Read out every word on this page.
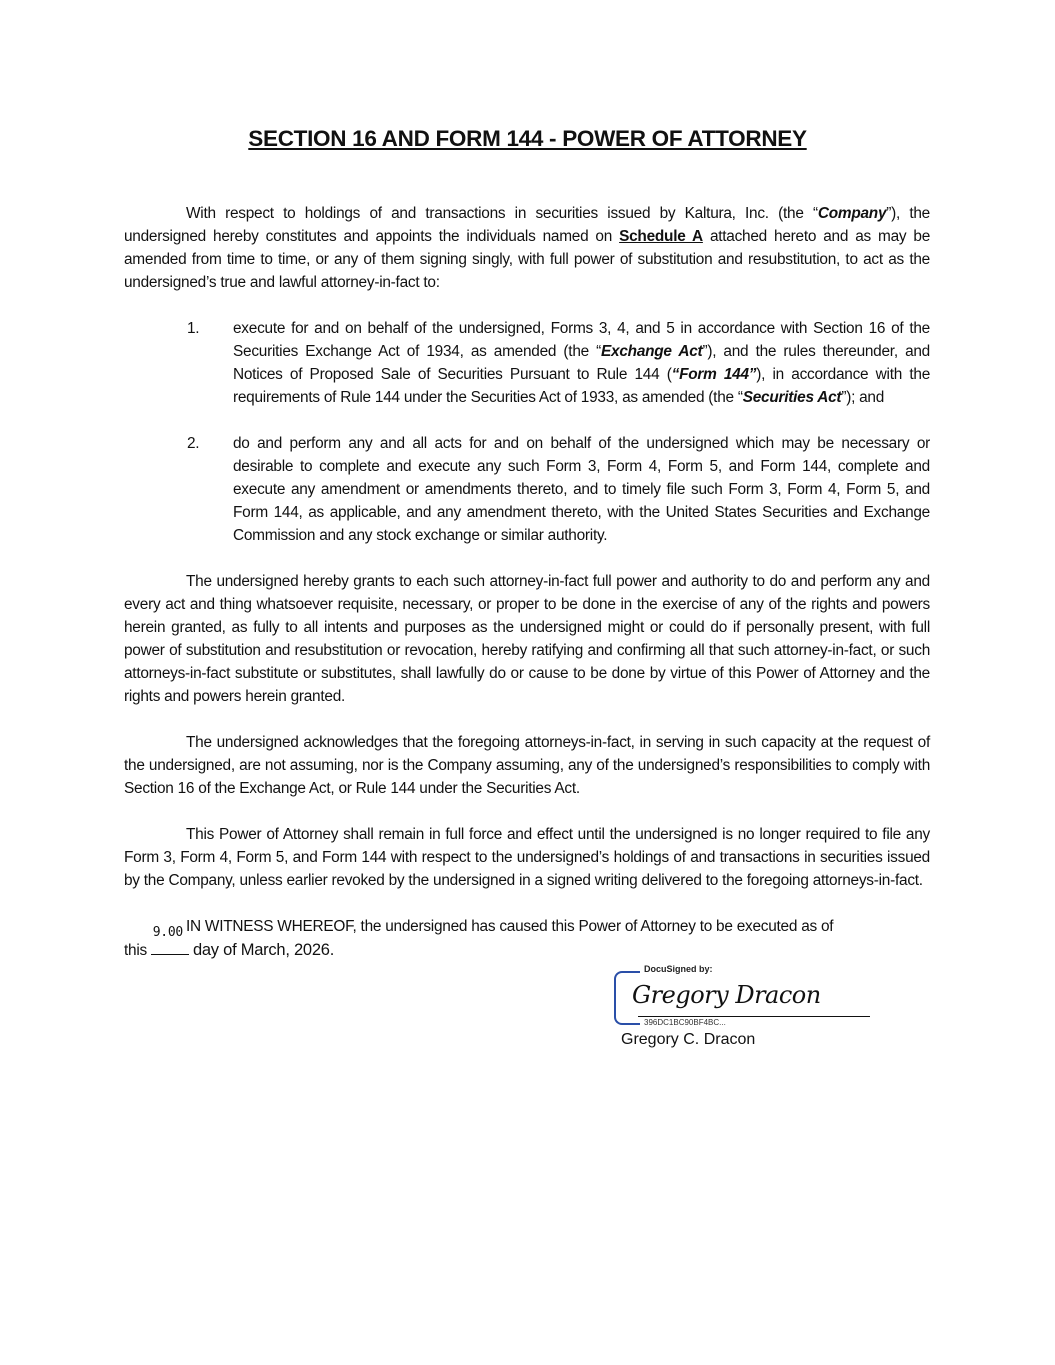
SECTION 16 AND FORM 144 - POWER OF ATTORNEY

With respect to holdings of and transactions in securities issued by Kaltura, Inc. (the “Company”), the undersigned hereby constitutes and appoints the individuals named on Schedule A attached hereto and as may be amended from time to time, or any of them signing singly, with full power of substitution and resubstitution, to act as the undersigned’s true and lawful attorney-in-fact to:

1. execute for and on behalf of the undersigned, Forms 3, 4, and 5 in accordance with Section 16 of the Securities Exchange Act of 1934, as amended (the “Exchange Act”), and the rules thereunder, and Notices of Proposed Sale of Securities Pursuant to Rule 144 (“Form 144”), in accordance with the requirements of Rule 144 under the Securities Act of 1933, as amended (the “Securities Act”); and
2. do and perform any and all acts for and on behalf of the undersigned which may be necessary or desirable to complete and execute any such Form 3, Form 4, Form 5, and Form 144, complete and execute any amendment or amendments thereto, and to timely file such Form 3, Form 4, Form 5, and Form 144, as applicable, and any amendment thereto, with the United States Securities and Exchange Commission and any stock exchange or similar authority.

The undersigned hereby grants to each such attorney-in-fact full power and authority to do and perform any and every act and thing whatsoever requisite, necessary, or proper to be done in the exercise of any of the rights and powers herein granted, as fully to all intents and purposes as the undersigned might or could do if personally present, with full power of substitution and resubstitution or revocation, hereby ratifying and confirming all that such attorney-in-fact, or such attorneys-in-fact substitute or substitutes, shall lawfully do or cause to be done by virtue of this Power of Attorney and the rights and powers herein granted.

The undersigned acknowledges that the foregoing attorneys-in-fact, in serving in such capacity at the request of the undersigned, are not assuming, nor is the Company assuming, any of the undersigned’s responsibilities to comply with Section 16 of the Exchange Act, or Rule 144 under the Securities Act.

This Power of Attorney shall remain in full force and effect until the undersigned is no longer required to file any Form 3, Form 4, Form 5, and Form 144 with respect to the undersigned’s holdings of and transactions in securities issued by the Company, unless earlier revoked by the undersigned in a signed writing delivered to the foregoing attorneys-in-fact.

$_{9.00}$ IN WITNESS WHEREOF, the undersigned has caused this Power of Attorney to be executed as of
this	day of March, 2026.

DocuSigned by:
Gregory Dracon
396DC1BC90BF4BC...
Gregory C. Dracon
